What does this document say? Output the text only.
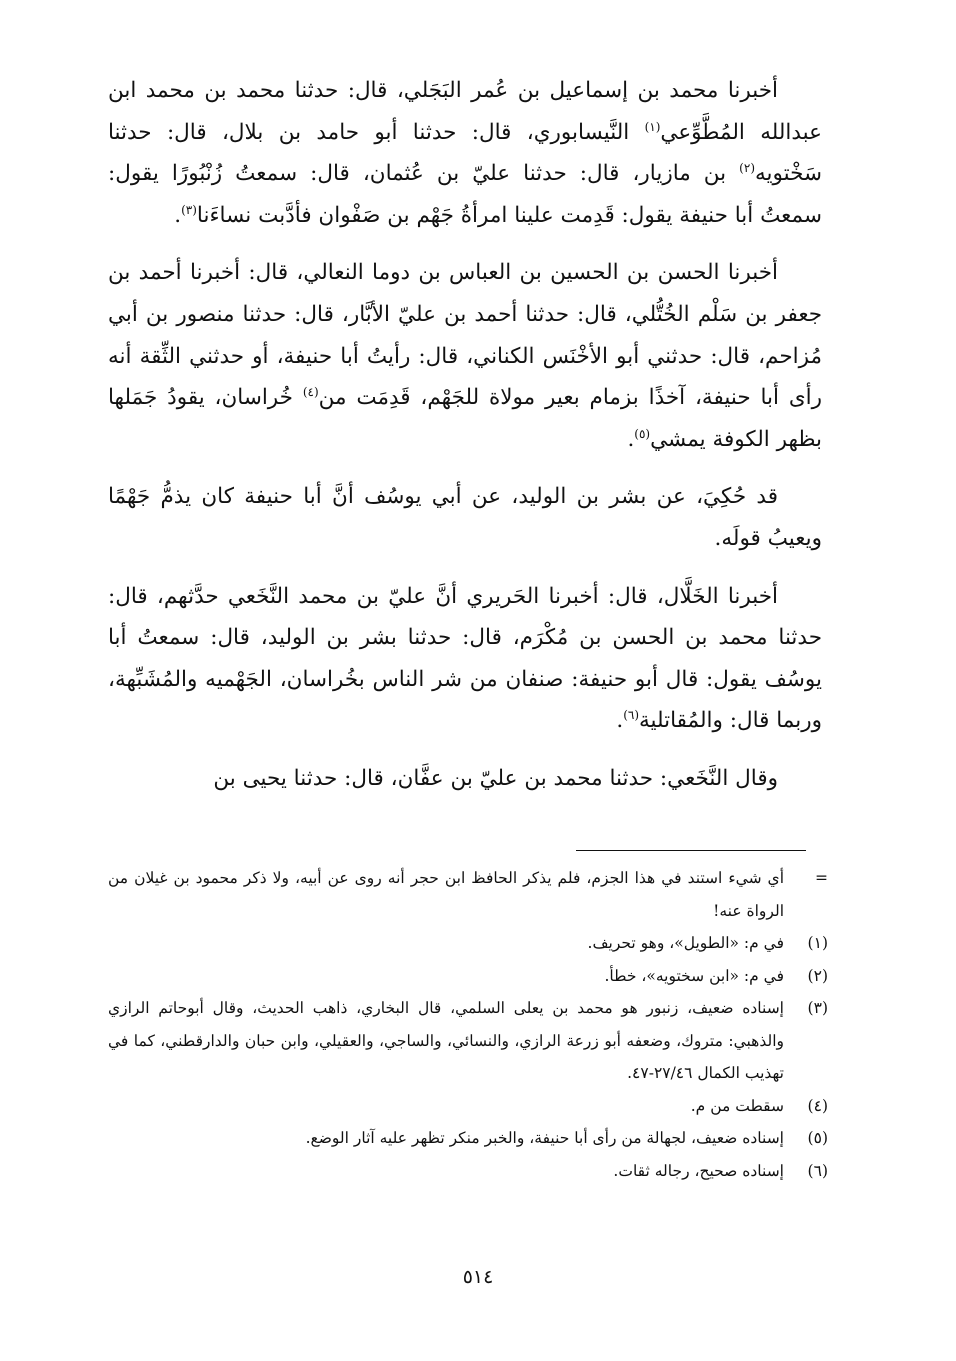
أخبرنا محمد بن إسماعيل بن عُمر البَجَلي، قال: حدثنا محمد بن محمد ابن عبدالله المُطَّوِّعي$^{(١)}$ النَّيسابوري، قال: حدثنا أبو حامد بن بلال، قال: حدثنا سَخْتويه$^{(٢)}$ بن مازيار، قال: حدثنا عليّ بن عُثمان، قال: سمعتُ زُنْبُورًا يقول: سمعتُ أبا حنيفة يقول: قَدِمت علينا امرأةُ جَهْم بن صَفْوان فأدَّبت نساءَنا$^{(٣)}$.

أخبرنا الحسن بن الحسين بن العباس بن دوما النعالي، قال: أخبرنا أحمد بن جعفر بن سَلْم الخُتُّلي، قال: حدثنا أحمد بن عليّ الأبَّار، قال: حدثنا منصور بن أبي مُزاحم، قال: حدثني أبو الأخْنَس الكناني، قال: رأيتُ أبا حنيفة، أو حدثني الثِّقة أنه رأى أبا حنيفة، آخذًا بزمام بعير مولاة للجَهْم، قَدِمَت من$^{(٤)}$ خُراسان، يقودُ جَمَلها بظهر الكوفة يمشي$^{(٥)}$.

قد حُكِيَ، عن بشر بن الوليد، عن أبي يوسُف أنَّ أبا حنيفة كان يذمُّ جَهْمًا ويعيبُ قولَه.

أخبرنا الخَلَّال، قال: أخبرنا الحَريري أنَّ عليّ بن محمد النَّخَعي حدَّثهم، قال: حدثنا محمد بن الحسن بن مُكْرَم، قال: حدثنا بشر بن الوليد، قال: سمعتُ أبا يوسُف يقول: قال أبو حنيفة: صنفان من شر الناس بخُراسان، الجَهْميه والمُشَبِّهة، وربما قال: والمُقاتلية$^{(٦)}$.

وقال النَّخَعي: حدثنا محمد بن عليّ بن عفَّان، قال: حدثنا يحيى بن

=
أي شيء استند في هذا الجزم، فلم يذكر الحافظ ابن حجر أنه روى عن أبيه، ولا ذكر محمود بن غيلان من الرواة عنه!
(١)
في م: «الطويل»، وهو تحريف.
(٢)
في م: «ابن سختويه»، خطأ.
(٣)
إسناده ضعيف، زنبور هو محمد بن يعلى السلمي، قال البخاري، ذاهب الحديث، وقال أبوحاتم الرازي والذهبي: متروك، وضعفه أبو زرعة الرازي، والنسائي، والساجي، والعقيلي، وابن حبان والدارقطني، كما في تهذيب الكمال ٢٧/٤٦-٤٧.
(٤)
سقطت من م.
(٥)
إسناده ضعيف، لجهالة من رأى أبا حنيفة، والخبر منكر تظهر عليه آثار الوضع.
(٦)
إسناده صحيح، رجاله ثقات.
٥١٤
